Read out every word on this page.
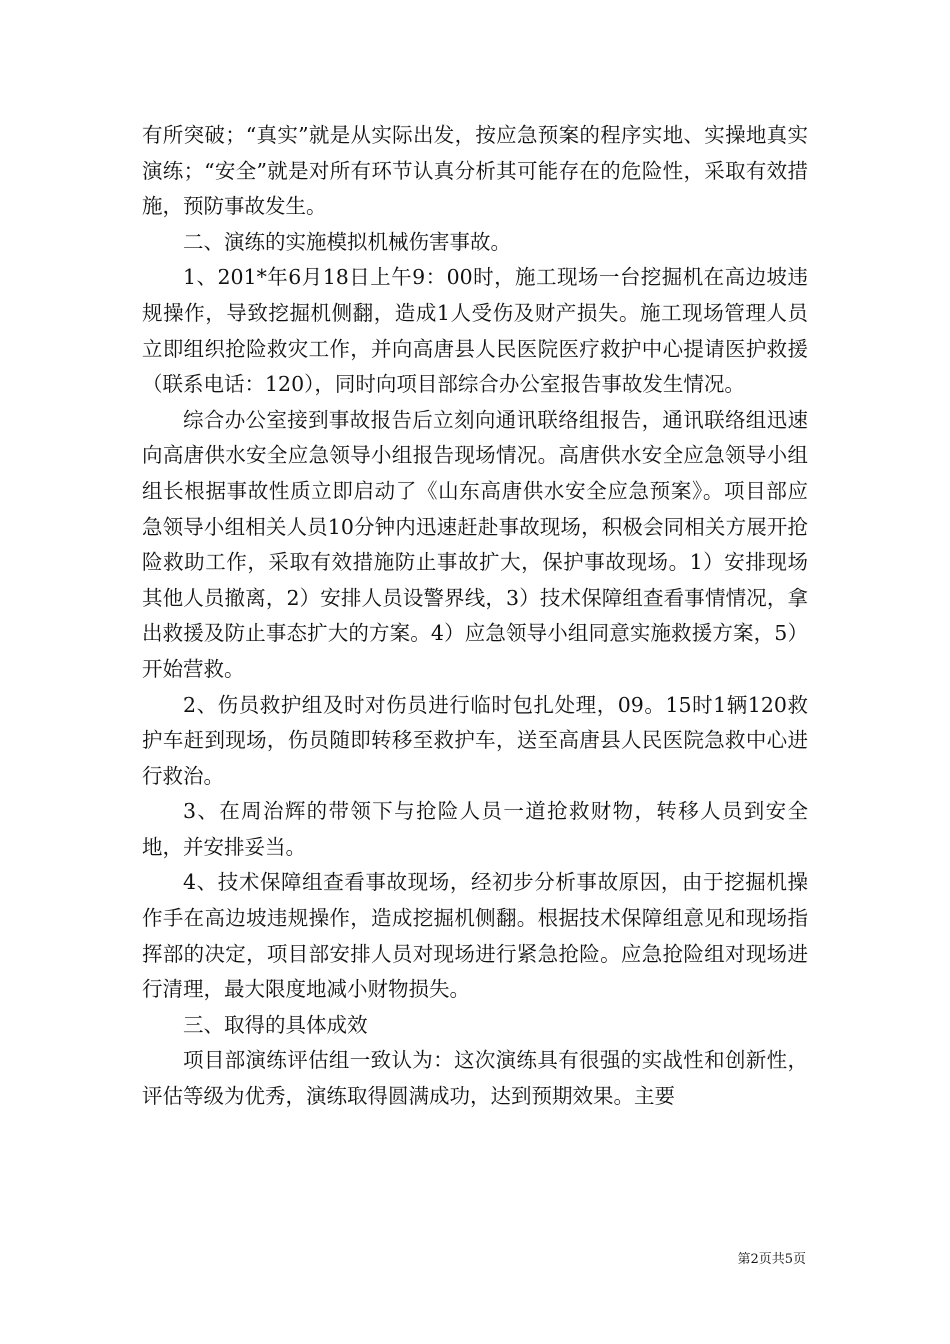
有所突破；“真实”就是从实际出发，按应急预案的程序实地、实操地真实演练；“安全”就是对所有环节认真分析其可能存在的危险性，采取有效措施，预防事故发生。

二、演练的实施模拟机械伤害事故。

1、201*年6月18日上午9：00时，施工现场一台挖掘机在高边坡违规操作，导致挖掘机侧翻，造成1人受伤及财产损失。施工现场管理人员立即组织抢险救灾工作，并向高唐县人民医院医疗救护中心提请医护救援（联系电话：120），同时向项目部综合办公室报告事故发生情况。

综合办公室接到事故报告后立刻向通讯联络组报告，通讯联络组迅速向高唐供水安全应急领导小组报告现场情况。高唐供水安全应急领导小组组长根据事故性质立即启动了《山东高唐供水安全应急预案》。项目部应急领导小组相关人员10分钟内迅速赶赴事故现场，积极会同相关方展开抢险救助工作，采取有效措施防止事故扩大，保护事故现场。1）安排现场其他人员撤离，2）安排人员设警界线，3）技术保障组查看事情情况，拿出救援及防止事态扩大的方案。4）应急领导小组同意实施救援方案，5）开始营救。

2、伤员救护组及时对伤员进行临时包扎处理，09。15时1辆120救护车赶到现场，伤员随即转移至救护车，送至高唐县人民医院急救中心进行救治。

3、在周治辉的带领下与抢险人员一道抢救财物，转移人员到安全地，并安排妥当。

4、技术保障组查看事故现场，经初步分析事故原因，由于挖掘机操作手在高边坡违规操作，造成挖掘机侧翻。根据技术保障组意见和现场指挥部的决定，项目部安排人员对现场进行紧急抢险。应急抢险组对现场进行清理，最大限度地减小财物损失。

三、取得的具体成效

项目部演练评估组一致认为：这次演练具有很强的实战性和创新性，评估等级为优秀，演练取得圆满成功，达到预期效果。主要

第2页共5页
